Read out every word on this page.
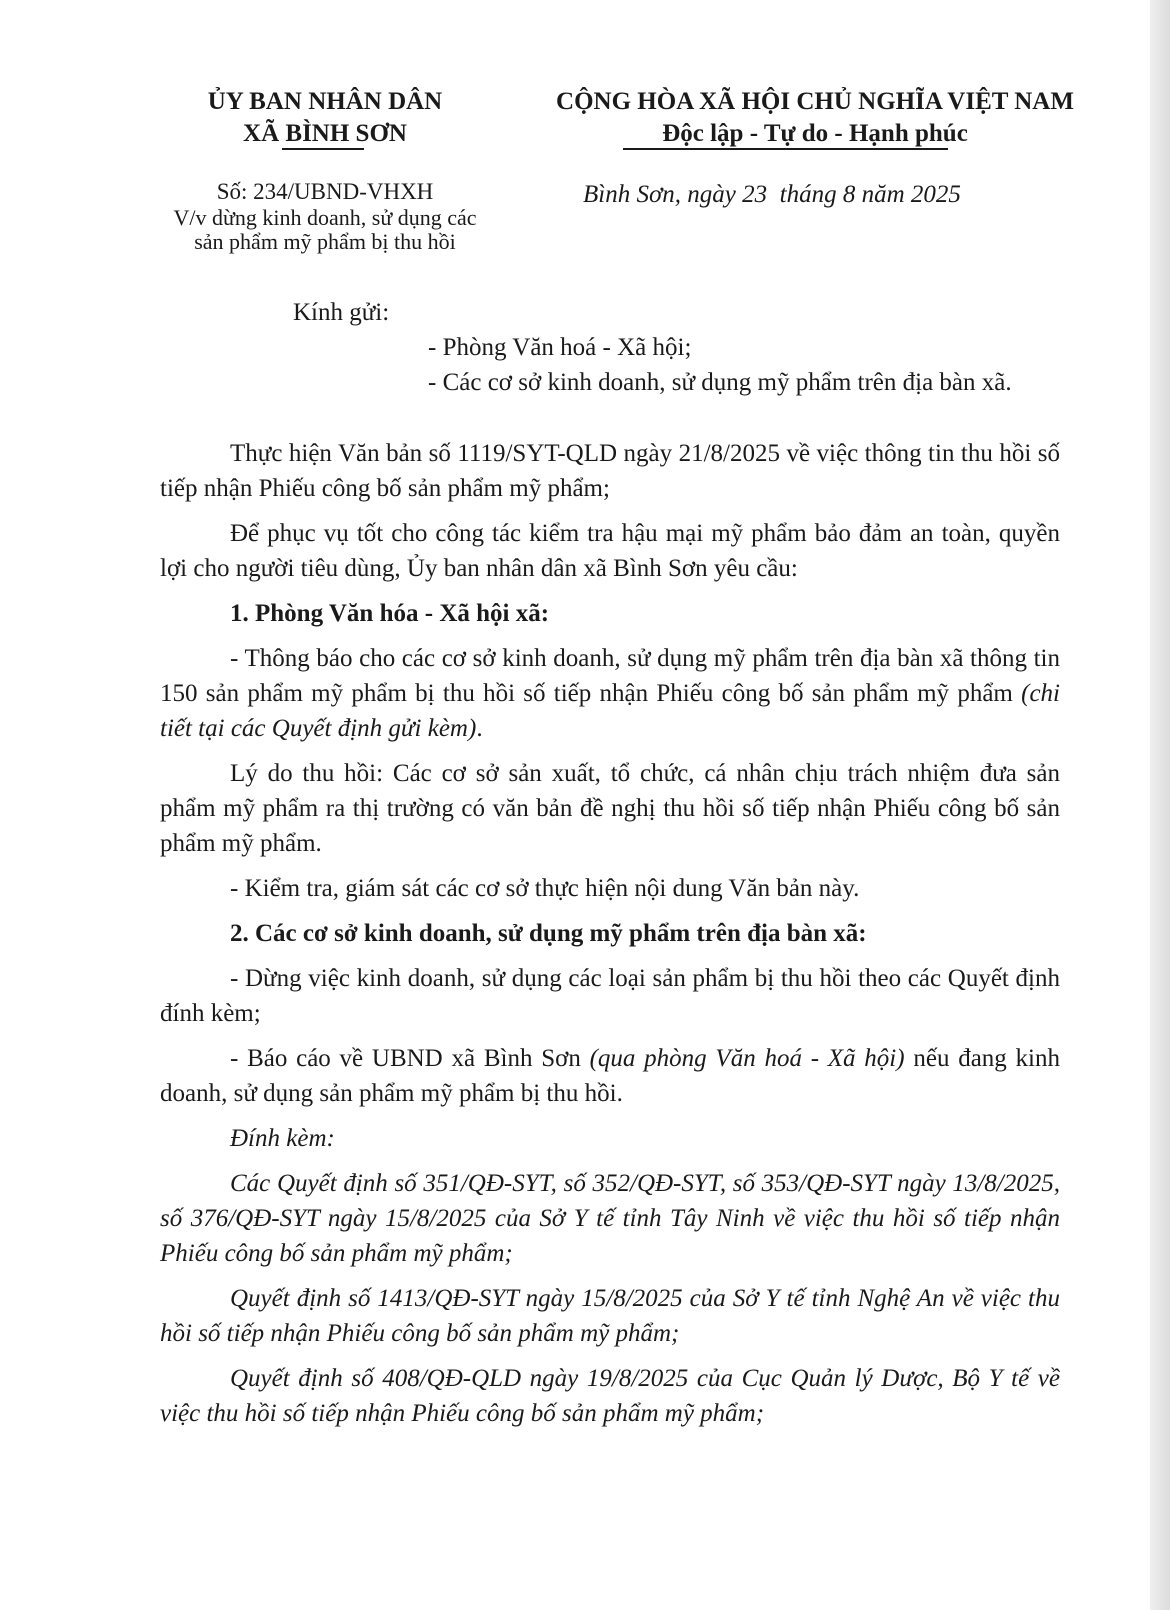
ỦY BAN NHÂN DÂN
XÃ BÌNH SƠN
CỘNG HÒA XÃ HỘI CHỦ NGHĨA VIỆT NAM
Độc lập - Tự do - Hạnh phúc
Số: 234/UBND-VHXH
V/v dừng kinh doanh, sử dụng các
sản phẩm mỹ phẩm bị thu hồi
Bình Sơn, ngày 23  tháng 8 năm 2025
Kính gửi:
- Phòng Văn hoá - Xã hội;
- Các cơ sở kinh doanh, sử dụng mỹ phẩm trên địa bàn xã.

Thực hiện Văn bản số 1119/SYT-QLD ngày 21/8/2025 về việc thông tin thu hồi số tiếp nhận Phiếu công bố sản phẩm mỹ phẩm;

Để phục vụ tốt cho công tác kiểm tra hậu mại mỹ phẩm bảo đảm an toàn, quyền lợi cho người tiêu dùng, Ủy ban nhân dân xã Bình Sơn yêu cầu:

1. Phòng Văn hóa - Xã hội xã:

- Thông báo cho các cơ sở kinh doanh, sử dụng mỹ phẩm trên địa bàn xã thông tin 150 sản phẩm mỹ phẩm bị thu hồi số tiếp nhận Phiếu công bố sản phẩm mỹ phẩm (chi tiết tại các Quyết định gửi kèm).

Lý do thu hồi: Các cơ sở sản xuất, tổ chức, cá nhân chịu trách nhiệm đưa sản phẩm mỹ phẩm ra thị trường có văn bản đề nghị thu hồi số tiếp nhận Phiếu công bố sản phẩm mỹ phẩm.

- Kiểm tra, giám sát các cơ sở thực hiện nội dung Văn bản này.

2. Các cơ sở kinh doanh, sử dụng mỹ phẩm trên địa bàn xã:

- Dừng việc kinh doanh, sử dụng các loại sản phẩm bị thu hồi theo các Quyết định đính kèm;

- Báo cáo về UBND xã Bình Sơn (qua phòng Văn hoá - Xã hội) nếu đang kinh doanh, sử dụng sản phẩm mỹ phẩm bị thu hồi.

Đính kèm:

Các Quyết định số 351/QĐ-SYT, số 352/QĐ-SYT, số 353/QĐ-SYT ngày 13/8/2025, số 376/QĐ-SYT ngày 15/8/2025 của Sở Y tế tỉnh Tây Ninh về việc thu hồi số tiếp nhận Phiếu công bố sản phẩm mỹ phẩm;

Quyết định số 1413/QĐ-SYT ngày 15/8/2025 của Sở Y tế tỉnh Nghệ An về việc thu hồi số tiếp nhận Phiếu công bố sản phẩm mỹ phẩm;

Quyết định số 408/QĐ-QLD ngày 19/8/2025 của Cục Quản lý Dược, Bộ Y tế về việc thu hồi số tiếp nhận Phiếu công bố sản phẩm mỹ phẩm;
